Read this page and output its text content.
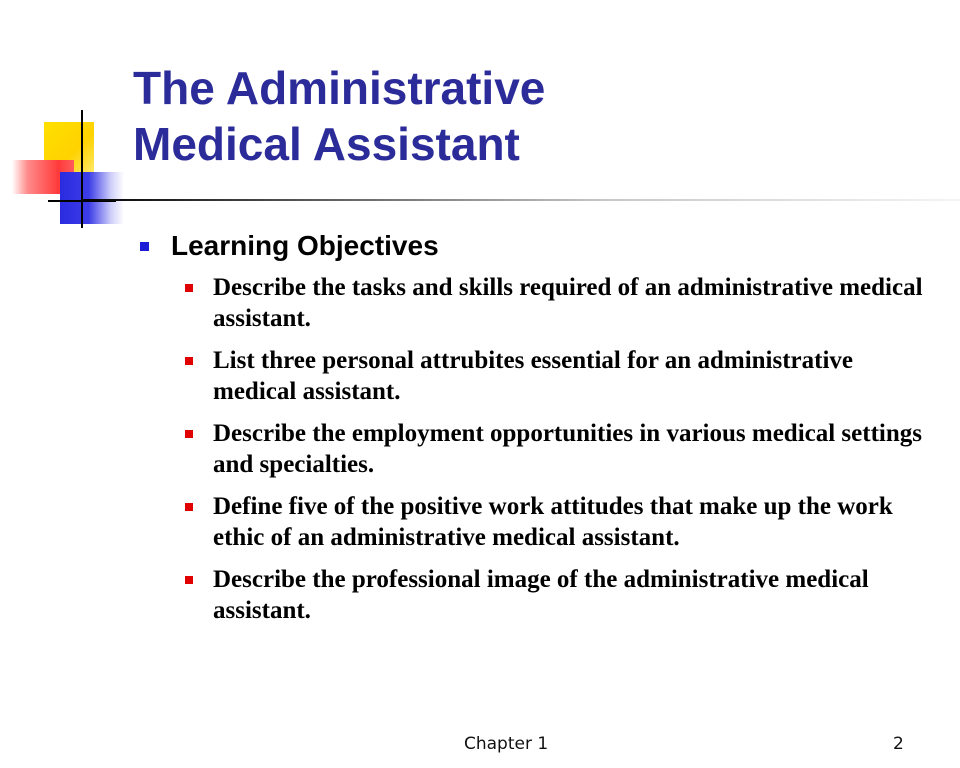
The Administrative
Medical Assistant
Learning Objectives
Describe the tasks and skills required of an administrative medical assistant.
List three personal attrubites essential for an administrative medical assistant.
Describe the employment opportunities in various medical settings and specialties.
Define five of the positive work attitudes that make up the work ethic of an administrative medical assistant.
Describe the professional image of the administrative medical assistant.
Chapter 1	2
